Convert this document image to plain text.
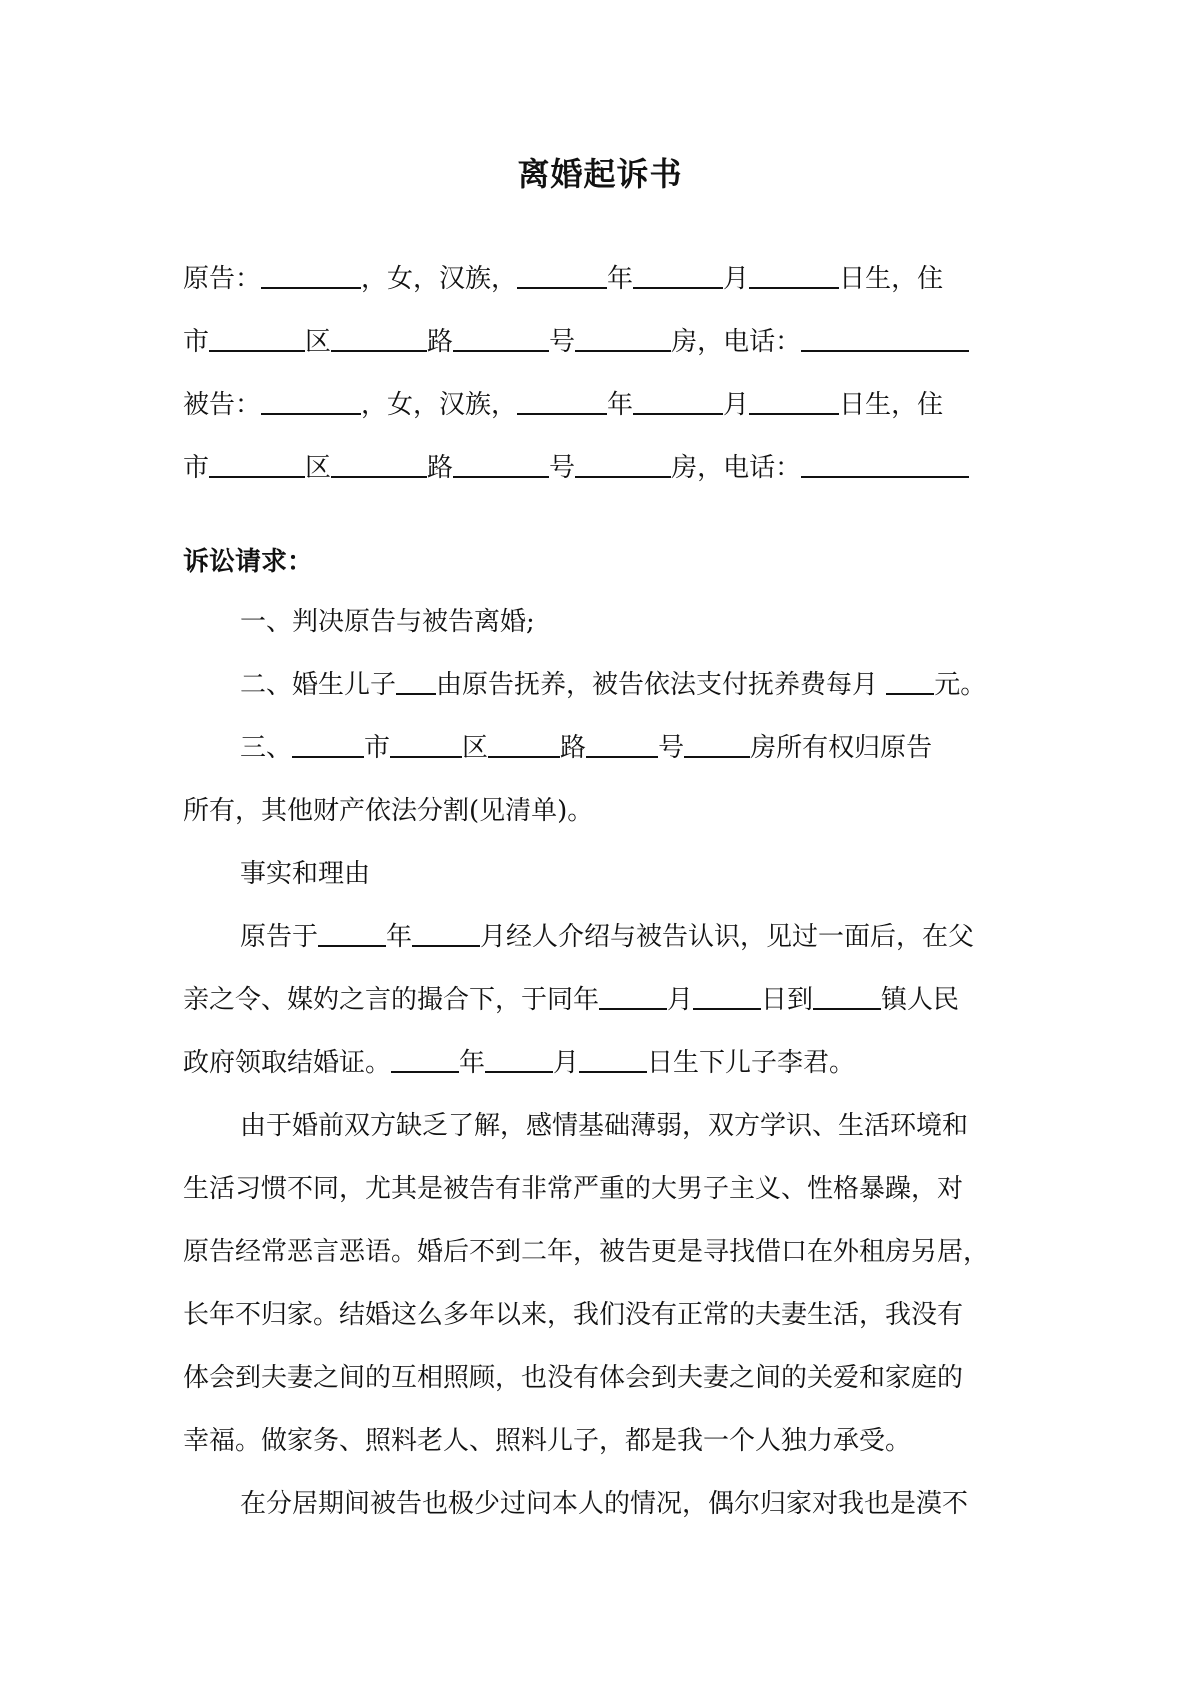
离婚起诉书
原告：	，女，汉族，	年	月	日生，住
市	区	路	号	房，电话：
被告：	，女，汉族，	年	月	日生，住
市	区	路	号	房，电话：
诉讼请求：
一、判决原告与被告离婚;
二、婚生儿子 由原告抚养，被告依法支付抚养费每月 元。
三、	市	区	路	号	房所有权归原告
所有，其他财产依法分割(见清单)。
事实和理由
原告于	年	月经人介绍与被告认识，见过一面后，在父
亲之令、媒妁之言的撮合下，于同年	月	日到	镇人民
政府领取结婚证。	年	月	日生下儿子李君。
由于婚前双方缺乏了解，感情基础薄弱，双方学识、生活环境和
生活习惯不同，尤其是被告有非常严重的大男子主义、性格暴躁，对
原告经常恶言恶语。婚后不到二年，被告更是寻找借口在外租房另居，
长年不归家。结婚这么多年以来，我们没有正常的夫妻生活，我没有
体会到夫妻之间的互相照顾，也没有体会到夫妻之间的关爱和家庭的
幸福。做家务、照料老人、照料儿子，都是我一个人独力承受。
在分居期间被告也极少过问本人的情况，偶尔归家对我也是漠不
